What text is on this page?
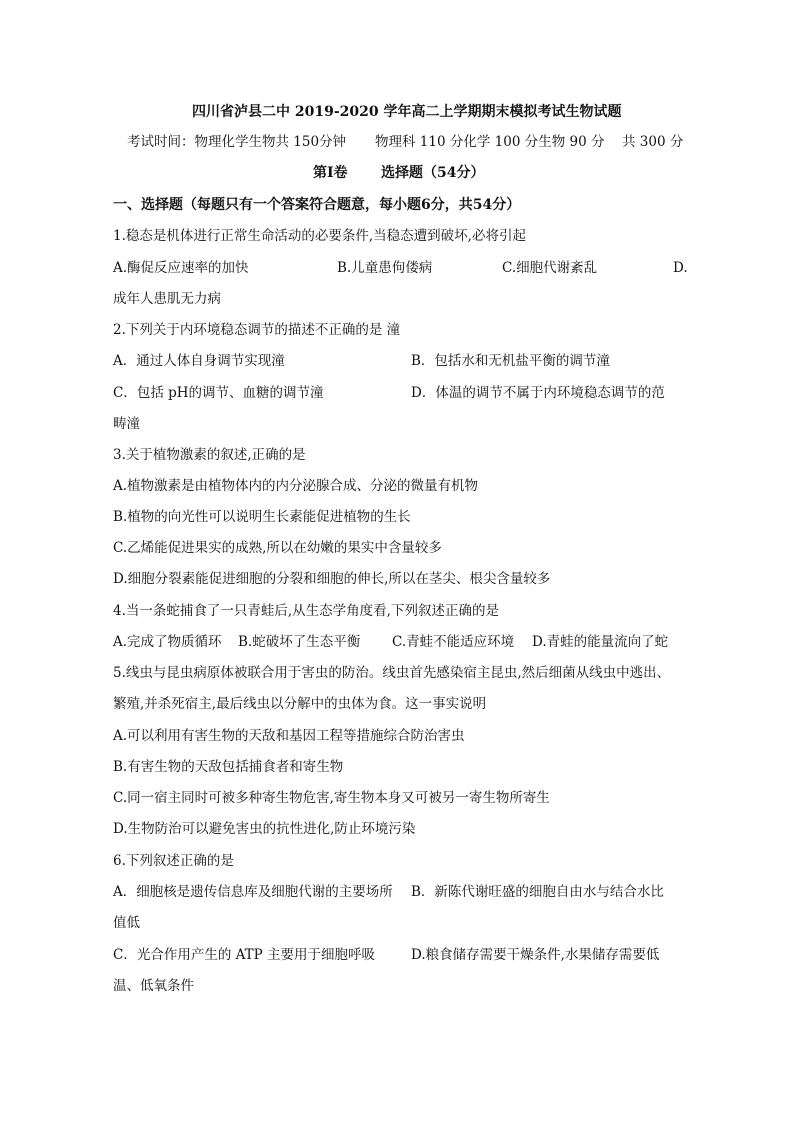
四川省泸县二中 2019-2020 学年高二上学期期末模拟考试生物试题
考试时间：物理化学生物共 150分钟 物理科 110 分化学 100 分生物 90 分 共 300 分
第Ⅰ卷 选择题（54分）
一、选择题（每题只有一个答案符合题意，每小题6分，共54分）
1.稳态是机体进行正常生命活动的必要条件,当稳态遭到破坏,必将引起
A.酶促反应速率的加快	B.儿童患佝偻病	C.细胞代谢紊乱	D.
成年人患肌无力病
2.下列关于内环境稳态调节的描述不正确的是 潼
A．通过人体自身调节实现潼	B．包括水和无机盐平衡的调节潼
C．包括 pH的调节、血糖的调节潼	D．体温的调节不属于内环境稳态调节的范
畴潼
3.关于植物激素的叙述,正确的是
A.植物激素是由植物体内的内分泌腺合成、分泌的微量有机物
B.植物的向光性可以说明生长素能促进植物的生长
C.乙烯能促进果实的成熟,所以在幼嫩的果实中含量较多
D.细胞分裂素能促进细胞的分裂和细胞的伸长,所以在茎尖、根尖含量较多
4.当一条蛇捕食了一只青蛙后,从生态学角度看,下列叙述正确的是
A.完成了物质循环 B.蛇破坏了生态平衡 C.青蛙不能适应环境 D.青蛙的能量流向了蛇
5.线虫与昆虫病原体被联合用于害虫的防治。线虫首先感染宿主昆虫,然后细菌从线虫中逃出、
繁殖,并杀死宿主,最后线虫以分解中的虫体为食。这一事实说明
A.可以利用有害生物的天敌和基因工程等措施综合防治害虫
B.有害生物的天敌包括捕食者和寄生物
C.同一宿主同时可被多种寄生物危害,寄生物本身又可被另一寄生物所寄生
D.生物防治可以避免害虫的抗性进化,防止环境污染
6.下列叙述正确的是
A．细胞核是遗传信息库及细胞代谢的主要场所 B．新陈代谢旺盛的细胞自由水与结合水比
值低
C．光合作用产生的 ATP 主要用于细胞呼吸	D.粮食储存需要干燥条件,水果储存需要低
温、低氧条件
